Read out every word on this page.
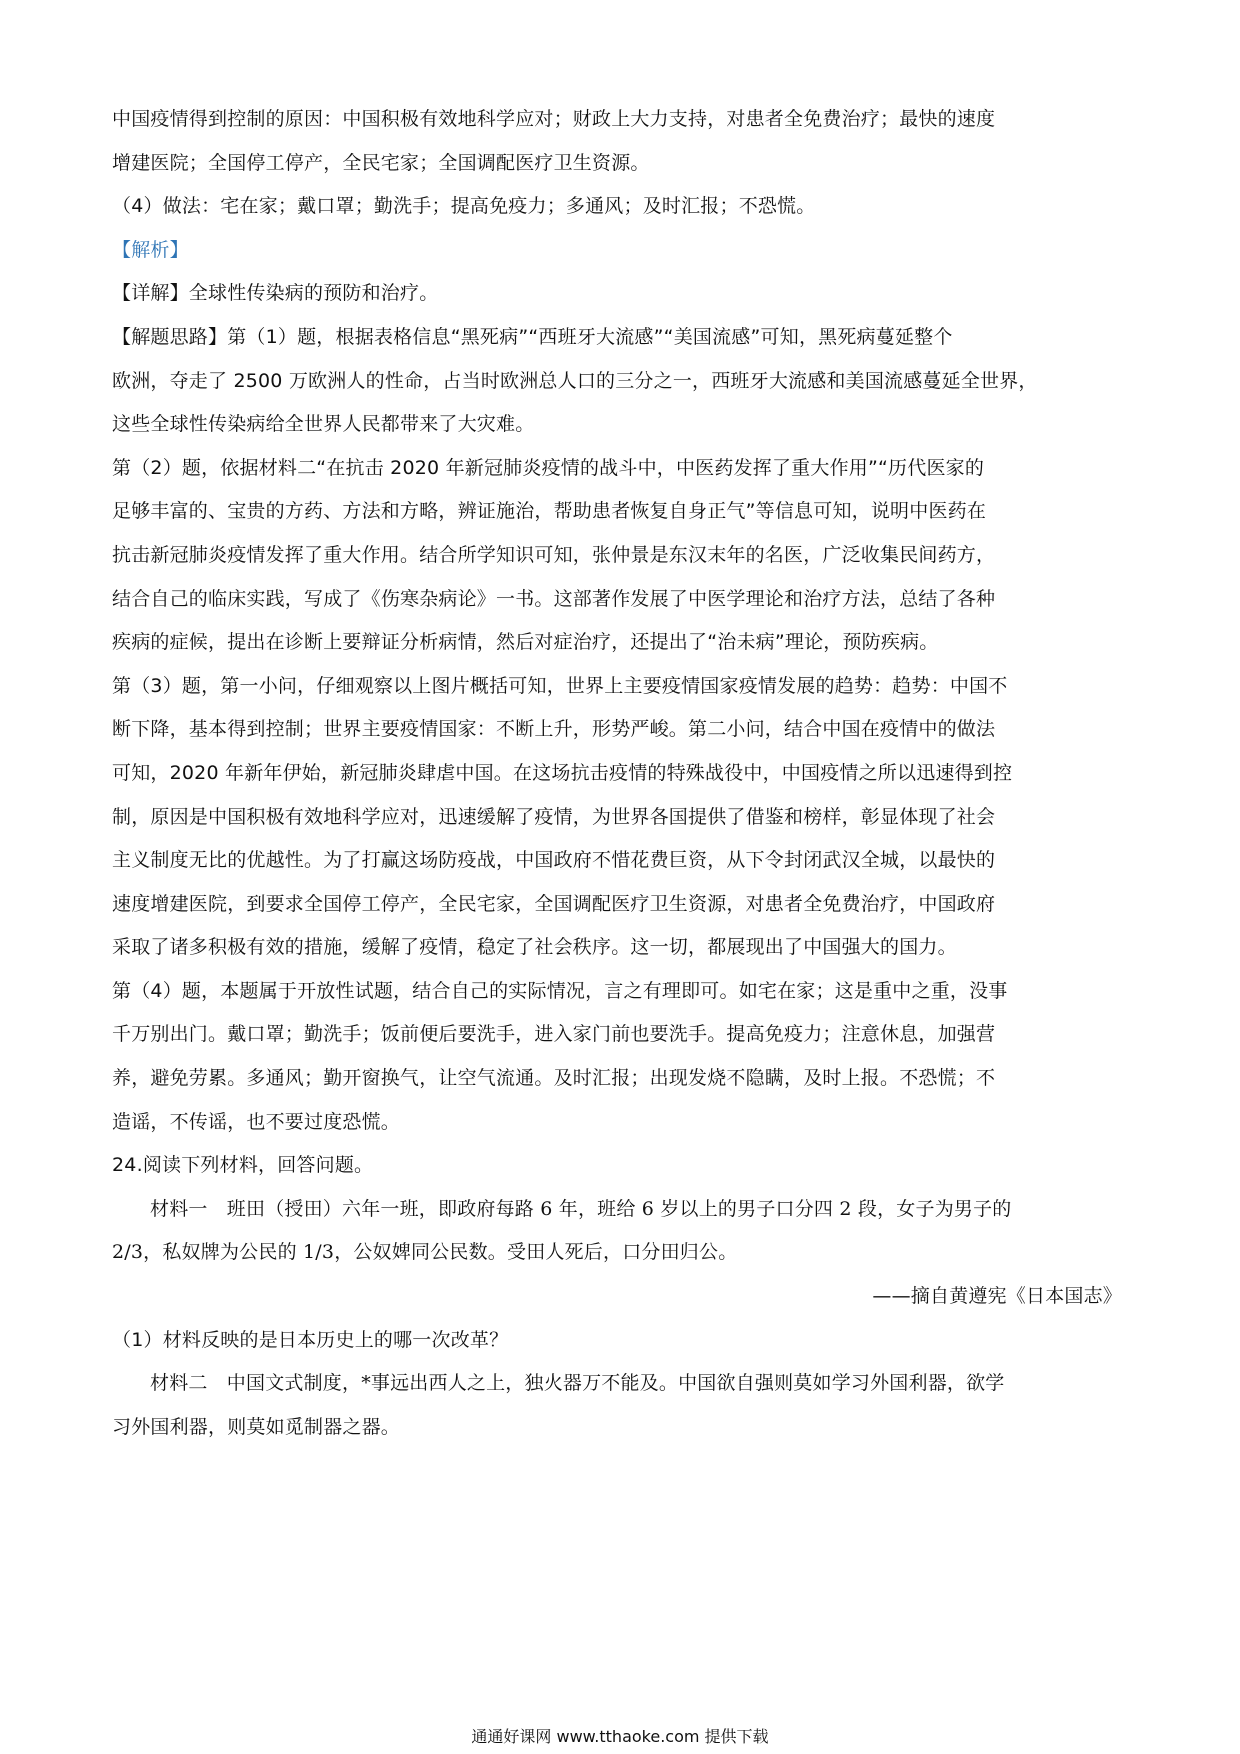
中国疫情得到控制的原因：中国积极有效地科学应对；财政上大力支持，对患者全免费治疗；最快的速度
增建医院；全国停工停产，全民宅家；全国调配医疗卫生资源。
（4）做法：宅在家；戴口罩；勤洗手；提高免疫力；多通风；及时汇报；不恐慌。
【解析】
【详解】全球性传染病的预防和治疗。
【解题思路】第（1）题，根据表格信息“黑死病”“西班牙大流感”“美国流感”可知，黑死病蔓延整个
欧洲，夺走了 2500 万欧洲人的性命，占当时欧洲总人口的三分之一，西班牙大流感和美国流感蔓延全世界，
这些全球性传染病给全世界人民都带来了大灾难。
第（2）题，依据材料二“在抗击 2020 年新冠肺炎疫情的战斗中，中医药发挥了重大作用”“历代医家的
足够丰富的、宝贵的方药、方法和方略，辨证施治，帮助患者恢复自身正气”等信息可知，说明中医药在
抗击新冠肺炎疫情发挥了重大作用。结合所学知识可知，张仲景是东汉末年的名医，广泛收集民间药方，
结合自己的临床实践，写成了《伤寒杂病论》一书。这部著作发展了中医学理论和治疗方法，总结了各种
疾病的症候，提出在诊断上要辩证分析病情，然后对症治疗，还提出了“治未病”理论，预防疾病。
第（3）题，第一小问，仔细观察以上图片概括可知，世界上主要疫情国家疫情发展的趋势：趋势：中国不
断下降，基本得到控制；世界主要疫情国家：不断上升，形势严峻。第二小问，结合中国在疫情中的做法
可知，2020 年新年伊始，新冠肺炎肆虐中国。在这场抗击疫情的特殊战役中，中国疫情之所以迅速得到控
制，原因是中国积极有效地科学应对，迅速缓解了疫情，为世界各国提供了借鉴和榜样，彰显体现了社会
主义制度无比的优越性。为了打赢这场防疫战，中国政府不惜花费巨资，从下令封闭武汉全城，以最快的
速度增建医院，到要求全国停工停产，全民宅家，全国调配医疗卫生资源，对患者全免费治疗，中国政府
采取了诸多积极有效的措施，缓解了疫情，稳定了社会秩序。这一切，都展现出了中国强大的国力。
第（4）题，本题属于开放性试题，结合自己的实际情况，言之有理即可。如宅在家；这是重中之重，没事
千万别出门。戴口罩；勤洗手；饭前便后要洗手，进入家门前也要洗手。提高免疫力；注意休息，加强营
养，避免劳累。多通风；勤开窗换气，让空气流通。及时汇报；出现发烧不隐瞒，及时上报。不恐慌；不
造谣，不传谣，也不要过度恐慌。
24.阅读下列材料，回答问题。
材料一　班田（授田）六年一班，即政府每路 6 年，班给 6 岁以上的男子口分四 2 段，女子为男子的
2/3，私奴牌为公民的 1/3，公奴婢同公民数。受田人死后，口分田归公。
——摘自黄遵宪《日本国志》
（1）材料反映的是日本历史上的哪一次改革？
材料二　中国文式制度，*事远出西人之上，独火器万不能及。中国欲自强则莫如学习外国利器，欲学
习外国利器，则莫如觅制器之器。
通通好课网 www.tthaoke.com 提供下载
